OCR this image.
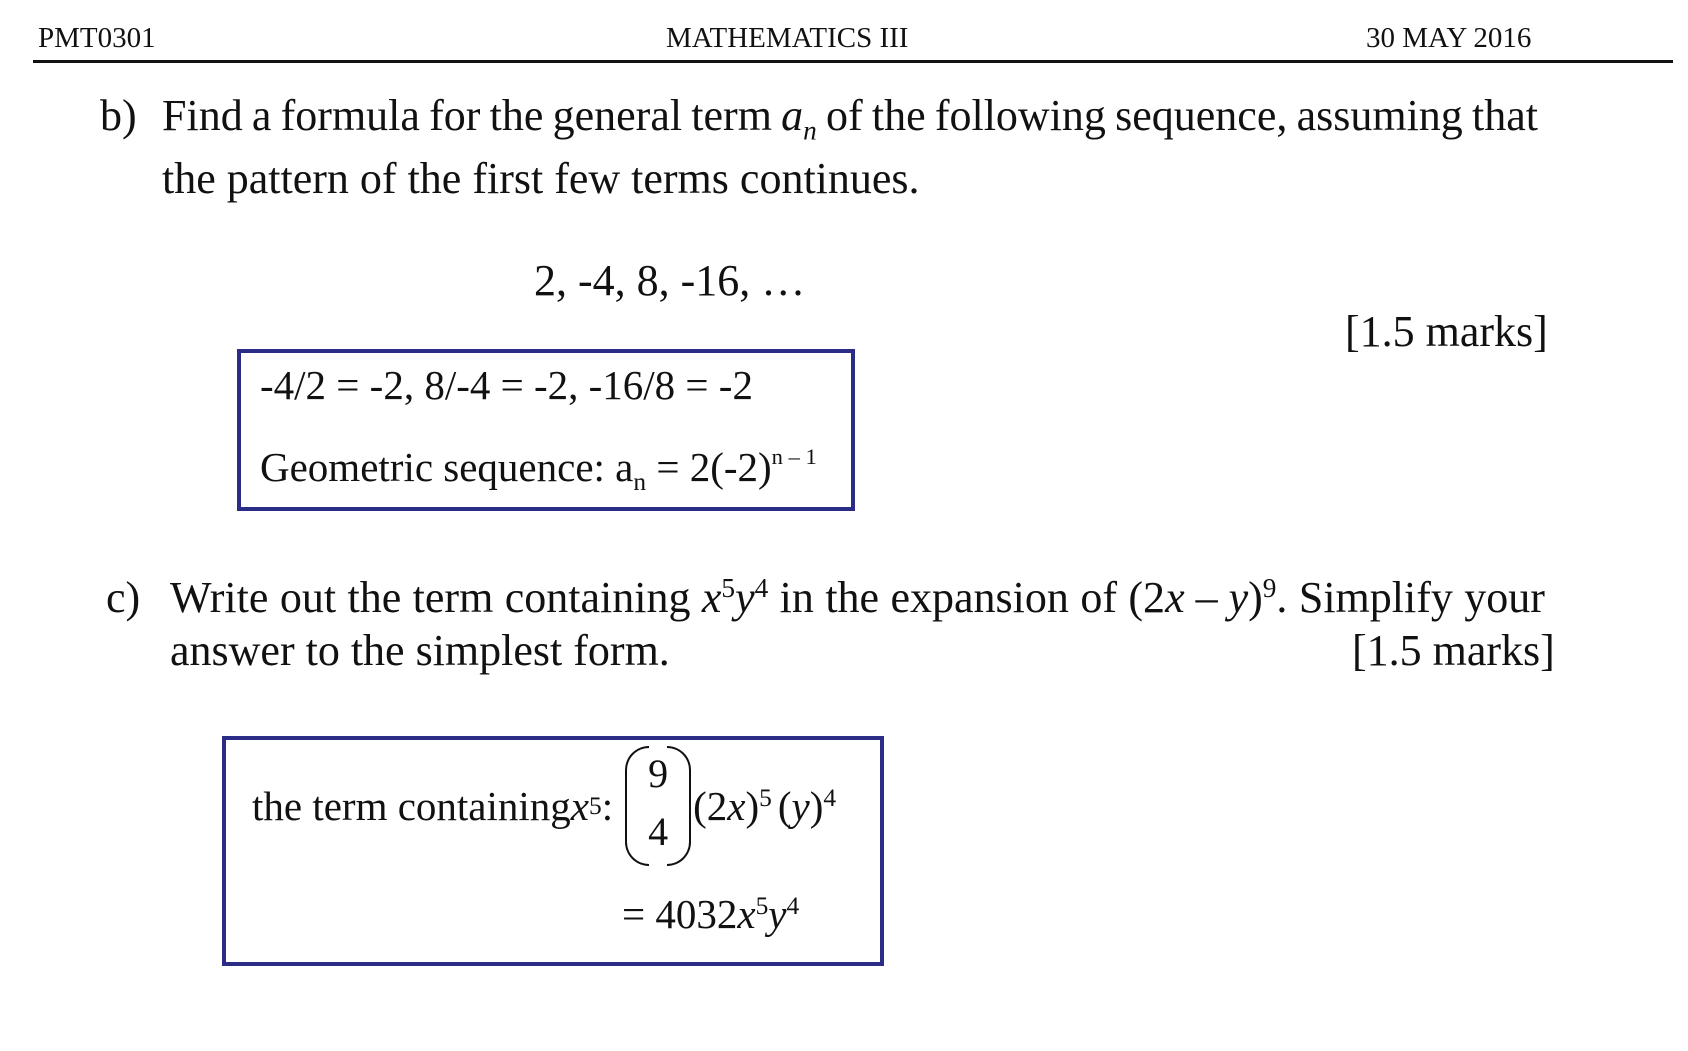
PMT0301	MATHEMATICS III	30 MAY 2016
b) Find a formula for the general term $a_n$ of the following sequence, assuming that
the pattern of the first few terms continues.
2, -4, 8, -16, …
[1.5 marks]
-4/2 = -2, 8/-4 = -2, -16/8 = -2
Geometric sequence: $a_n = 2(-2)^{n - 1}$
c) Write out the term containing $x^5y^4$ in the expansion of (2x – y)$^9$. Simplify your
answer to the simplest form.	[1.5 marks]
the term containing x 5 :
9
4
$(2x)^5$ $(y)^4$
= $4032x^5y^4$
